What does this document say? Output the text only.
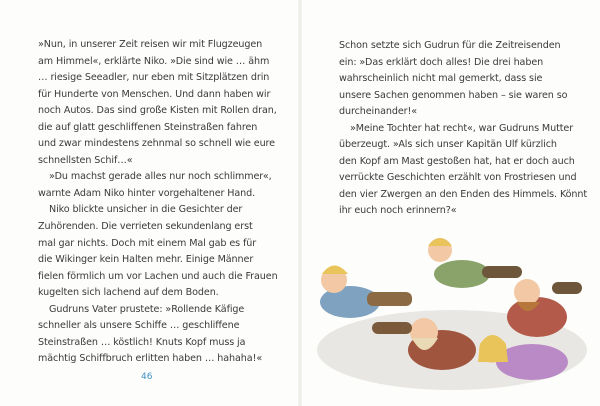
»Nun, in unserer Zeit reisen wir mit Flugzeugen
am Himmel«, erklärte Niko. »Die sind wie … ähm
… riesige Seeadler, nur eben mit Sitzplätzen drin
für Hunderte von Menschen. Und dann haben wir
noch Autos. Das sind große Kisten mit Rollen dran,
die auf glatt geschliffenen Steinstraßen fahren
und zwar mindestens zehnmal so schnell wie eure
schnellsten Schif…«
»Du machst gerade alles nur noch schlimmer«,
warnte Adam Niko hinter vorgehaltener Hand.
Niko blickte unsicher in die Gesichter der
Zuhörenden. Die verrieten sekundenlang erst
mal gar nichts. Doch mit einem Mal gab es für
die Wikinger kein Halten mehr. Einige Männer
fielen förmlich um vor Lachen und auch die Frauen
kugelten sich lachend auf dem Boden.
Gudruns Vater prustete: »Rollende Käfige
schneller als unsere Schiffe … geschliffene
Steinstraßen … köstlich! Knuts Kopf muss ja
mächtig Schiffbruch erlitten haben … hahaha!«
46
Schon setzte sich Gudrun für die Zeitreisenden
ein: »Das erklärt doch alles! Die drei haben
wahrscheinlich nicht mal gemerkt, dass sie
unsere Sachen genommen haben – sie waren so
durcheinander!«
»Meine Tochter hat recht«, war Gudruns Mutter
überzeugt. »Als sich unser Kapitän Ulf kürzlich
den Kopf am Mast gestoßen hat, hat er doch auch
verrückte Geschichten erzählt von Frostriesen und
den vier Zwergen an den Enden des Himmels. Könnt
ihr euch noch erinnern?«
